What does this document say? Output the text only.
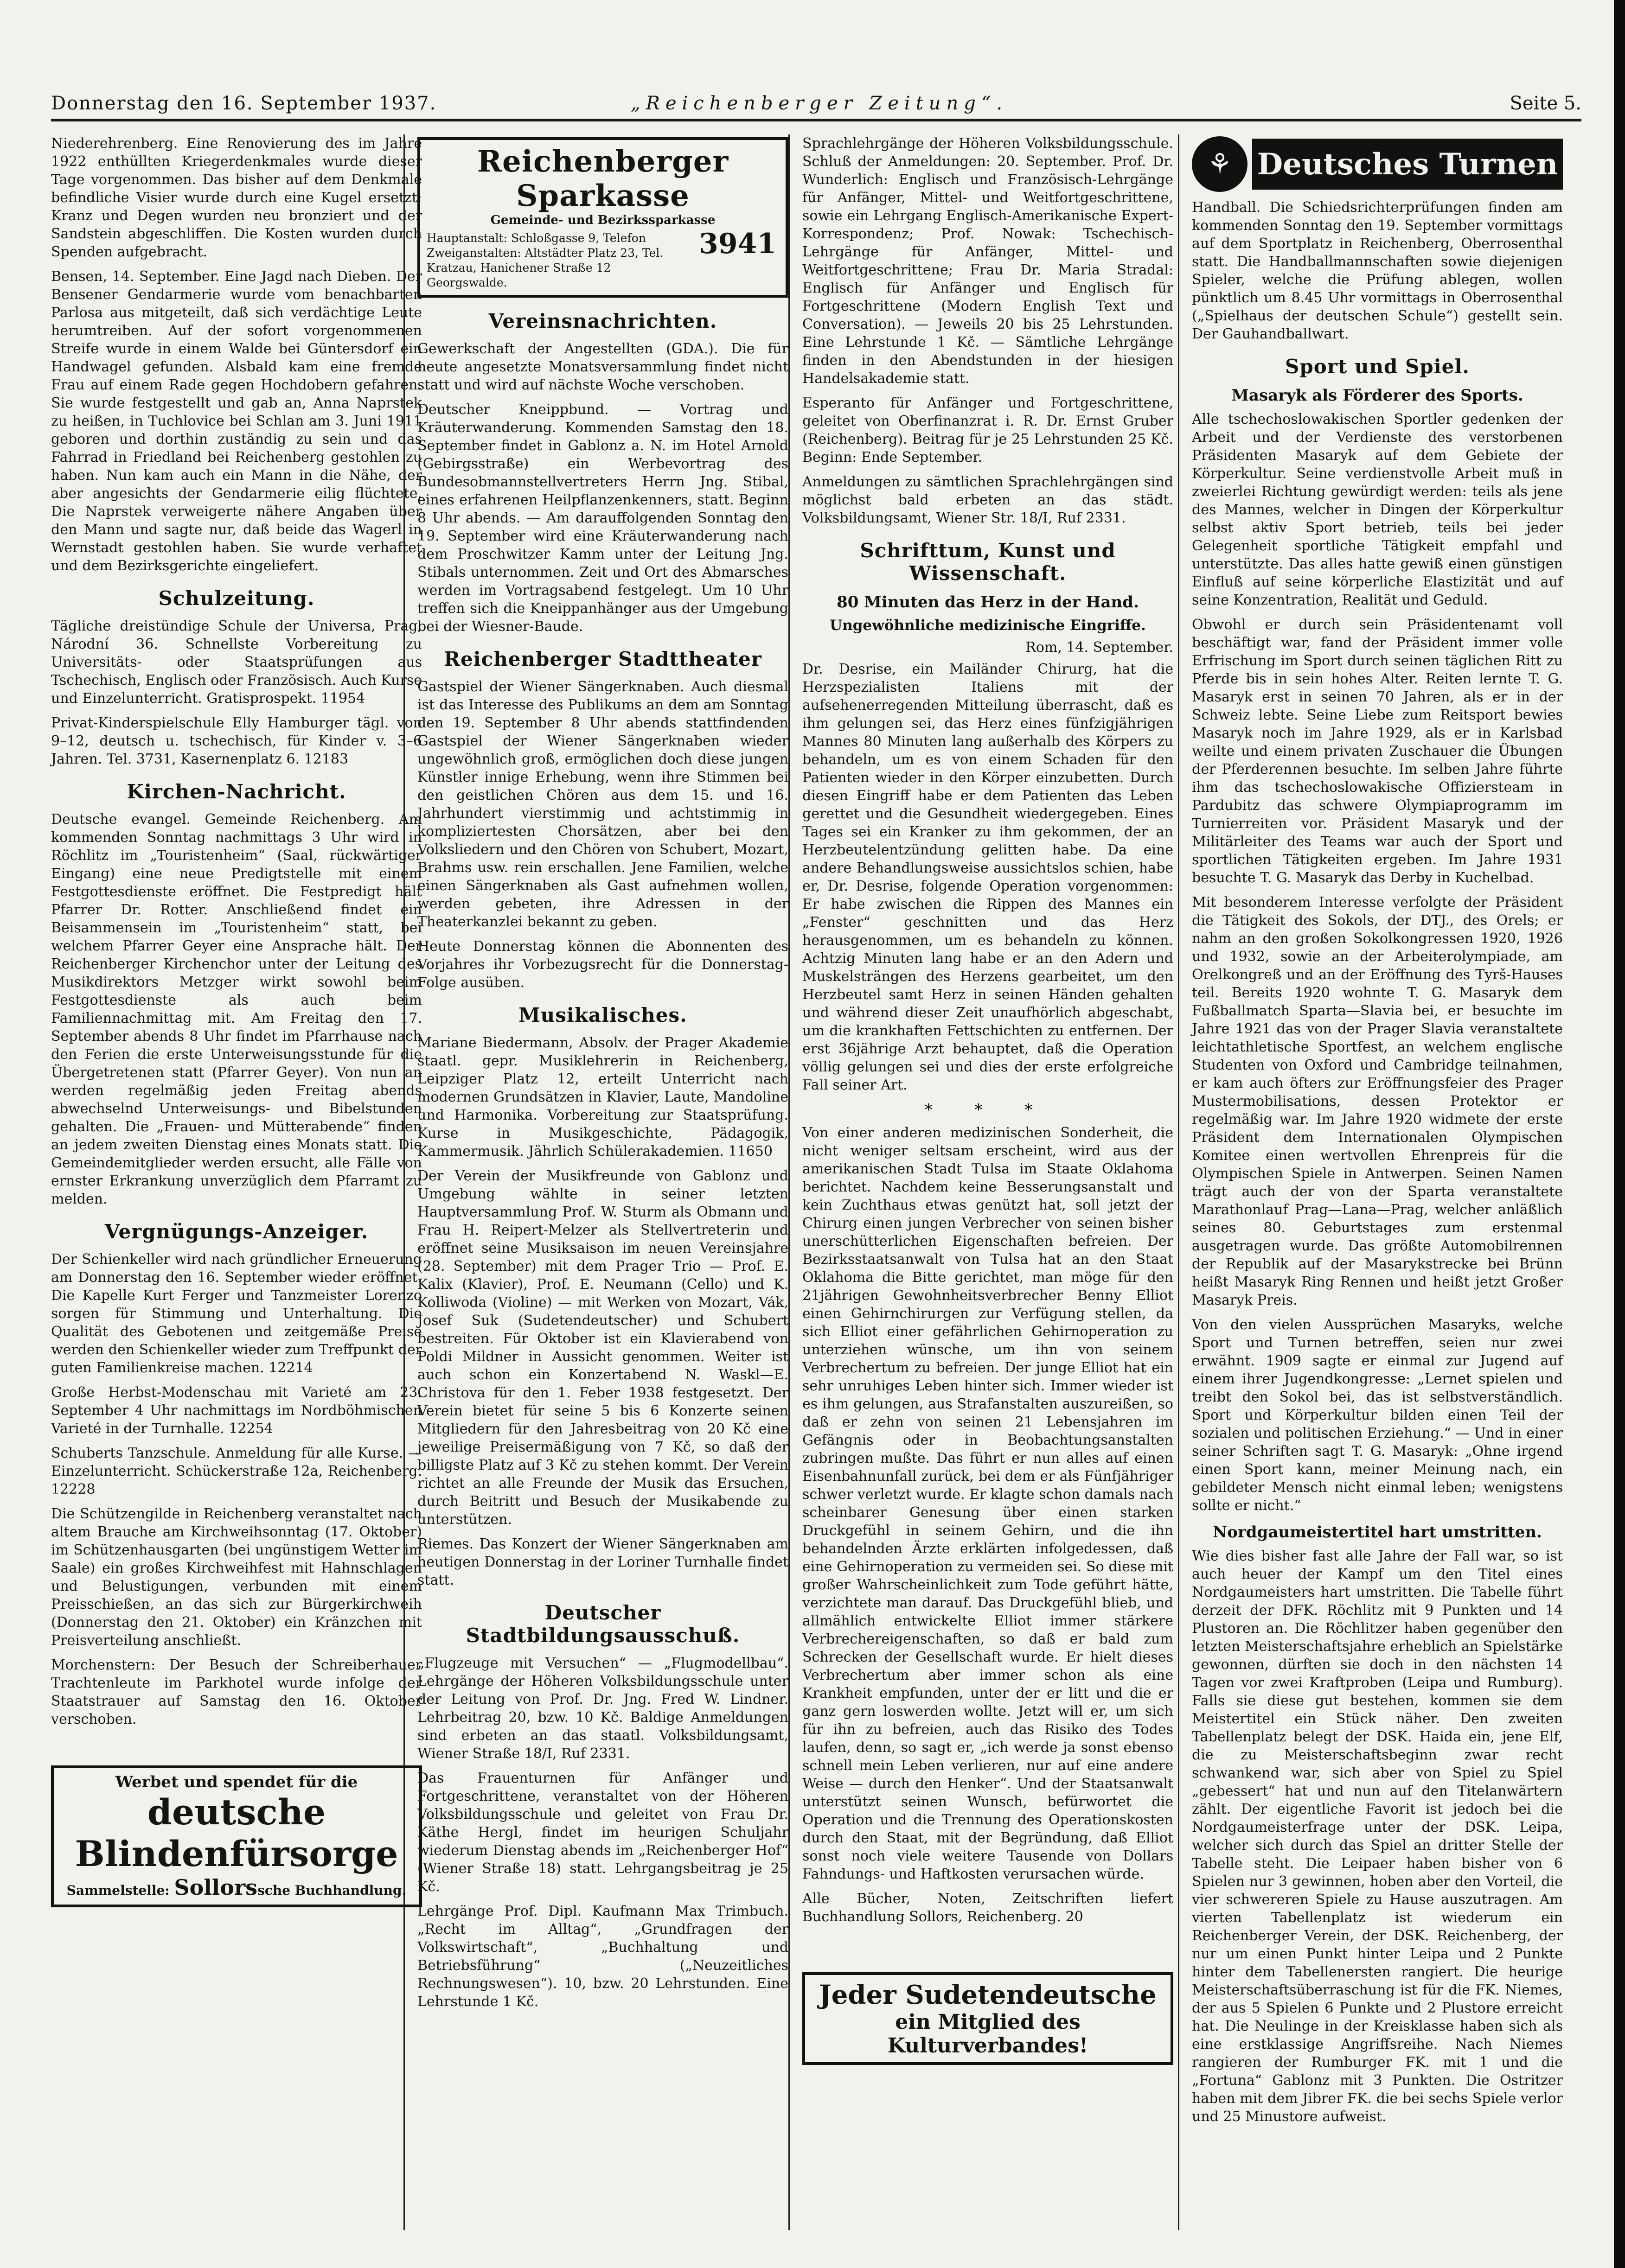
Donnerstag den 16. September 1937.	„Reichenberger Zeitung“.	Seite 5.

Niederehrenberg. Eine Renovierung des im Jahre 1922 enthüllten Kriegerdenkmales wurde dieser Tage vorgenommen. Das bisher auf dem Denkmale befindliche Visier wurde durch eine Kugel ersetzt; Kranz und Degen wurden neu bronziert und der Sandstein abgeschliffen. Die Kosten wurden durch Spenden aufgebracht.

Bensen, 14. September. Eine Jagd nach Dieben. Der Bensener Gendarmerie wurde vom benachbarten Parlosa aus mitgeteilt, daß sich verdächtige Leute herumtreiben. Auf der sofort vorgenommenen Streife wurde in einem Walde bei Güntersdorf ein Handwagel gefunden. Alsbald kam eine fremde Frau auf einem Rade gegen Hochdobern gefahren. Sie wurde festgestellt und gab an, Anna Naprstek zu heißen, in Tuchlovice bei Schlan am 3. Juni 1911 geboren und dorthin zuständig zu sein und das Fahrrad in Friedland bei Reichenberg gestohlen zu haben. Nun kam auch ein Mann in die Nähe, der aber angesichts der Gendarmerie eilig flüchtete. Die Naprstek verweigerte nähere Angaben über den Mann und sagte nur, daß beide das Wagerl in Wernstadt gestohlen haben. Sie wurde verhaftet und dem Bezirksgerichte eingeliefert.

Schulzeitung.

Tägliche dreistündige Schule der Universa, Prag, Národní 36. Schnellste Vorbereitung zu Universitäts- oder Staatsprüfungen aus Tschechisch, Englisch oder Französisch. Auch Kurse und Einzelunterricht. Gratisprospekt. 11954

Privat-Kinderspielschule Elly Hamburger tägl. von 9–12, deutsch u. tschechisch, für Kinder v. 3–6 Jahren. Tel. 3731, Kasernenplatz 6. 12183

Kirchen-Nachricht.

Deutsche evangel. Gemeinde Reichenberg. Am kommenden Sonntag nachmittags 3 Uhr wird in Röchlitz im „Touristenheim“ (Saal, rückwärtiger Eingang) eine neue Predigtstelle mit einem Festgottesdienste eröffnet. Die Festpredigt hält Pfarrer Dr. Rotter. Anschließend findet ein Beisammensein im „Touristenheim“ statt, bei welchem Pfarrer Geyer eine Ansprache hält. Der Reichenberger Kirchenchor unter der Leitung des Musikdirektors Metzger wirkt sowohl beim Festgottesdienste als auch beim Familiennachmittag mit. Am Freitag den 17. September abends 8 Uhr findet im Pfarrhause nach den Ferien die erste Unterweisungsstunde für die Übergetretenen statt (Pfarrer Geyer). Von nun an werden regelmäßig jeden Freitag abends abwechselnd Unterweisungs- und Bibelstunden gehalten. Die „Frauen- und Mütterabende“ finden an jedem zweiten Dienstag eines Monats statt. Die Gemeindemitglieder werden ersucht, alle Fälle von ernster Erkrankung unverzüglich dem Pfarramt zu melden.

Vergnügungs-Anzeiger.

Der Schienkeller wird nach gründlicher Erneuerung am Donnerstag den 16. September wieder eröffnet. Die Kapelle Kurt Ferger und Tanzmeister Lorenzo sorgen für Stimmung und Unterhaltung. Die Qualität des Gebotenen und zeitgemäße Preise werden den Schienkeller wieder zum Treffpunkt der guten Familienkreise machen. 12214

Große Herbst-Modenschau mit Varieté am 23. September 4 Uhr nachmittags im Nordböhmischen Varieté in der Turnhalle. 12254

Schuberts Tanzschule. Anmeldung für alle Kurse. — Einzelunterricht. Schückerstraße 12a, Reichenberg. 12228

Die Schützengilde in Reichenberg veranstaltet nach altem Brauche am Kirchweihsonntag (17. Oktober) im Schützenhausgarten (bei ungünstigem Wetter im Saale) ein großes Kirchweihfest mit Hahnschlagen und Belustigungen, verbunden mit einem Preisschießen, an das sich zur Bürgerkirchweih (Donnerstag den 21. Oktober) ein Kränzchen mit Preisverteilung anschließt.

Morchenstern: Der Besuch der Schreiberhauer Trachtenleute im Parkhotel wurde infolge der Staatstrauer auf Samstag den 16. Oktober verschoben.

Werbet und spendet für die
deutsche Blindenfürsorge
Sammelstelle: Sollorssche Buchhandlung.
Reichenberger Sparkasse
Gemeinde- und Bezirkssparkasse
Hauptanstalt: Schloßgasse 9, Telefon
Zweiganstalten: Altstädter Platz 23, Tel.
Kratzau, Hanichener Straße 12
Georgswalde.
3941
Vereinsnachrichten.

Gewerkschaft der Angestellten (GDA.). Die für heute angesetzte Monatsversammlung findet nicht statt und wird auf nächste Woche verschoben.

Deutscher Kneippbund. — Vortrag und Kräuterwanderung. Kommenden Samstag den 18. September findet in Gablonz a. N. im Hotel Arnold (Gebirgsstraße) ein Werbevortrag des Bundesobmannstellvertreters Herrn Jng. Stibal, eines erfahrenen Heilpflanzenkenners, statt. Beginn 8 Uhr abends. — Am darauffolgenden Sonntag den 19. September wird eine Kräuterwanderung nach dem Proschwitzer Kamm unter der Leitung Jng. Stibals unternommen. Zeit und Ort des Abmarsches werden im Vortragsabend festgelegt. Um 10 Uhr treffen sich die Kneippanhänger aus der Umgebung bei der Wiesner-Baude.

Reichenberger Stadttheater

Gastspiel der Wiener Sängerknaben. Auch diesmal ist das Interesse des Publikums an dem am Sonntag den 19. September 8 Uhr abends stattfindenden Gastspiel der Wiener Sängerknaben wieder ungewöhnlich groß, ermöglichen doch diese jungen Künstler innige Erhebung, wenn ihre Stimmen bei den geistlichen Chören aus dem 15. und 16. Jahrhundert vierstimmig und achtstimmig in kompliziertesten Chorsätzen, aber bei den Volksliedern und den Chören von Schubert, Mozart, Brahms usw. rein erschallen. Jene Familien, welche einen Sängerknaben als Gast aufnehmen wollen, werden gebeten, ihre Adressen in der Theaterkanzlei bekannt zu geben.

Heute Donnerstag können die Abonnenten des Vorjahres ihr Vorbezugsrecht für die Donnerstag-Folge ausüben.

Musikalisches.

Mariane Biedermann, Absolv. der Prager Akademie staatl. gepr. Musiklehrerin in Reichenberg, Leipziger Platz 12, erteilt Unterricht nach modernen Grundsätzen in Klavier, Laute, Mandoline und Harmonika. Vorbereitung zur Staatsprüfung. Kurse in Musikgeschichte, Pädagogik, Kammermusik. Jährlich Schülerakademien. 11650

Der Verein der Musikfreunde von Gablonz und Umgebung wählte in seiner letzten Hauptversammlung Prof. W. Sturm als Obmann und Frau H. Reipert-Melzer als Stellvertreterin und eröffnet seine Musiksaison im neuen Vereinsjahre (28. September) mit dem Prager Trio — Prof. E. Kalix (Klavier), Prof. E. Neumann (Cello) und K. Kolliwoda (Violine) — mit Werken von Mozart, Vák, Josef Suk (Sudetendeutscher) und Schubert bestreiten. Für Oktober ist ein Klavierabend von Poldi Mildner in Aussicht genommen. Weiter ist auch schon ein Konzertabend N. Waskl—E. Christova für den 1. Feber 1938 festgesetzt. Der Verein bietet für seine 5 bis 6 Konzerte seinen Mitgliedern für den Jahresbeitrag von 20 Kč eine jeweilige Preisermäßigung von 7 Kč, so daß der billigste Platz auf 3 Kč zu stehen kommt. Der Verein richtet an alle Freunde der Musik das Ersuchen, durch Beitritt und Besuch der Musikabende zu unterstützen.

Riemes. Das Konzert der Wiener Sängerknaben am heutigen Donnerstag in der Loriner Turnhalle findet statt.

Deutscher Stadtbildungsausschuß.

„Flugzeuge mit Versuchen“ — „Flugmodellbau“. Lehrgänge der Höheren Volksbildungsschule unter der Leitung von Prof. Dr. Jng. Fred W. Lindner. Lehrbeitrag 20, bzw. 10 Kč. Baldige Anmeldungen sind erbeten an das staatl. Volksbildungsamt, Wiener Straße 18/I, Ruf 2331.

Das Frauenturnen für Anfänger und Fortgeschrittene, veranstaltet von der Höheren Volksbildungsschule und geleitet von Frau Dr. Käthe Hergl, findet im heurigen Schuljahr wiederum Dienstag abends im „Reichenberger Hof“ (Wiener Straße 18) statt. Lehrgangsbeitrag je 25 Kč.

Lehrgänge Prof. Dipl. Kaufmann Max Trimbuch. „Recht im Alltag“, „Grundfragen der Volkswirtschaft“, „Buchhaltung und Betriebsführung“ („Neuzeitliches Rechnungswesen“). 10, bzw. 20 Lehrstunden. Eine Lehrstunde 1 Kč.

Sprachlehrgänge der Höheren Volksbildungsschule. Schluß der Anmeldungen: 20. September. Prof. Dr. Wunderlich: Englisch und Französisch-Lehrgänge für Anfänger, Mittel- und Weitfortgeschrittene, sowie ein Lehrgang Englisch-Amerikanische Expert-Korrespondenz; Prof. Nowak: Tschechisch-Lehrgänge für Anfänger, Mittel- und Weitfortgeschrittene; Frau Dr. Maria Stradal: Englisch für Anfänger und Englisch für Fortgeschrittene (Modern English Text und Conversation). — Jeweils 20 bis 25 Lehrstunden. Eine Lehrstunde 1 Kč. — Sämtliche Lehrgänge finden in den Abendstunden in der hiesigen Handelsakademie statt.

Esperanto für Anfänger und Fortgeschrittene, geleitet von Oberfinanzrat i. R. Dr. Ernst Gruber (Reichenberg). Beitrag für je 25 Lehrstunden 25 Kč. Beginn: Ende September.

Anmeldungen zu sämtlichen Sprachlehrgängen sind möglichst bald erbeten an das städt. Volksbildungsamt, Wiener Str. 18/I, Ruf 2331.

Schrifttum, Kunst und Wissenschaft.
80 Minuten das Herz in der Hand.
Ungewöhnliche medizinische Eingriffe.
Rom, 14. September.

Dr. Desrise, ein Mailänder Chirurg, hat die Herzspezialisten Italiens mit der aufsehenerregenden Mitteilung überrascht, daß es ihm gelungen sei, das Herz eines fünfzigjährigen Mannes 80 Minuten lang außerhalb des Körpers zu behandeln, um es von einem Schaden für den Patienten wieder in den Körper einzubetten. Durch diesen Eingriff habe er dem Patienten das Leben gerettet und die Gesundheit wiedergegeben. Eines Tages sei ein Kranker zu ihm gekommen, der an Herzbeutelentzündung gelitten habe. Da eine andere Behandlungsweise aussichtslos schien, habe er, Dr. Desrise, folgende Operation vorgenommen: Er habe zwischen die Rippen des Mannes ein „Fenster“ geschnitten und das Herz herausgenommen, um es behandeln zu können. Achtzig Minuten lang habe er an den Adern und Muskelsträngen des Herzens gearbeitet, um den Herzbeutel samt Herz in seinen Händen gehalten und während dieser Zeit unaufhörlich abgeschabt, um die krankhaften Fettschichten zu entfernen. Der erst 36jährige Arzt behauptet, daß die Operation völlig gelungen sei und dies der erste erfolgreiche Fall seiner Art.

* * *

Von einer anderen medizinischen Sonderheit, die nicht weniger seltsam erscheint, wird aus der amerikanischen Stadt Tulsa im Staate Oklahoma berichtet. Nachdem keine Besserungsanstalt und kein Zuchthaus etwas genützt hat, soll jetzt der Chirurg einen jungen Verbrecher von seinen bisher unerschütterlichen Eigenschaften befreien. Der Bezirksstaatsanwalt von Tulsa hat an den Staat Oklahoma die Bitte gerichtet, man möge für den 21jährigen Gewohnheitsverbrecher Benny Elliot einen Gehirnchirurgen zur Verfügung stellen, da sich Elliot einer gefährlichen Gehirnoperation zu unterziehen wünsche, um ihn von seinem Verbrechertum zu befreien. Der junge Elliot hat ein sehr unruhiges Leben hinter sich. Immer wieder ist es ihm gelungen, aus Strafanstalten auszureißen, so daß er zehn von seinen 21 Lebensjahren im Gefängnis oder in Beobachtungsanstalten zubringen mußte. Das führt er nun alles auf einen Eisenbahnunfall zurück, bei dem er als Fünfjähriger schwer verletzt wurde. Er klagte schon damals nach scheinbarer Genesung über einen starken Druckgefühl in seinem Gehirn, und die ihn behandelnden Ärzte erklärten infolgedessen, daß eine Gehirnoperation zu vermeiden sei. So diese mit großer Wahrscheinlichkeit zum Tode geführt hätte, verzichtete man darauf. Das Druckgefühl blieb, und allmählich entwickelte Elliot immer stärkere Verbrechereigenschaften, so daß er bald zum Schrecken der Gesellschaft wurde. Er hielt dieses Verbrechertum aber immer schon als eine Krankheit empfunden, unter der er litt und die er ganz gern loswerden wollte. Jetzt will er, um sich für ihn zu befreien, auch das Risiko des Todes laufen, denn, so sagt er, „ich werde ja sonst ebenso schnell mein Leben verlieren, nur auf eine andere Weise — durch den Henker“. Und der Staatsanwalt unterstützt seinen Wunsch, befürwortet die Operation und die Trennung des Operationskosten durch den Staat, mit der Begründung, daß Elliot sonst noch viele weitere Tausende von Dollars Fahndungs- und Haftkosten verursachen würde.

Alle Bücher, Noten, Zeitschriften liefert Buchhandlung Sollors, Reichenberg. 20

Jeder Sudetendeutsche
ein Mitglied des Kulturverbandes!
⚘ Deutsches Turnen

Handball. Die Schiedsrichterprüfungen finden am kommenden Sonntag den 19. September vormittags auf dem Sportplatz in Reichenberg, Oberrosenthal statt. Die Handballmannschaften sowie diejenigen Spieler, welche die Prüfung ablegen, wollen pünktlich um 8.45 Uhr vormittags in Oberrosenthal („Spielhaus der deutschen Schule“) gestellt sein. Der Gauhandballwart.

Sport und Spiel.
Masaryk als Förderer des Sports.

Alle tschechoslowakischen Sportler gedenken der Arbeit und der Verdienste des verstorbenen Präsidenten Masaryk auf dem Gebiete der Körperkultur. Seine verdienstvolle Arbeit muß in zweierlei Richtung gewürdigt werden: teils als jene des Mannes, welcher in Dingen der Körperkultur selbst aktiv Sport betrieb, teils bei jeder Gelegenheit sportliche Tätigkeit empfahl und unterstützte. Das alles hatte gewiß einen günstigen Einfluß auf seine körperliche Elastizität und auf seine Konzentration, Realität und Geduld.

Obwohl er durch sein Präsidentenamt voll beschäftigt war, fand der Präsident immer volle Erfrischung im Sport durch seinen täglichen Ritt zu Pferde bis in sein hohes Alter. Reiten lernte T. G. Masaryk erst in seinen 70 Jahren, als er in der Schweiz lebte. Seine Liebe zum Reitsport bewies Masaryk noch im Jahre 1929, als er in Karlsbad weilte und einem privaten Zuschauer die Übungen der Pferderennen besuchte. Im selben Jahre führte ihm das tschechoslowakische Offiziersteam in Pardubitz das schwere Olympiaprogramm im Turnierreiten vor. Präsident Masaryk und der Militärleiter des Teams war auch der Sport und sportlichen Tätigkeiten ergeben. Im Jahre 1931 besuchte T. G. Masaryk das Derby in Kuchelbad.

Mit besonderem Interesse verfolgte der Präsident die Tätigkeit des Sokols, der DTJ., des Orels; er nahm an den großen Sokolkongressen 1920, 1926 und 1932, sowie an der Arbeiterolympiade, am Orelkongreß und an der Eröffnung des Tyrš-Hauses teil. Bereits 1920 wohnte T. G. Masaryk dem Fußballmatch Sparta—Slavia bei, er besuchte im Jahre 1921 das von der Prager Slavia veranstaltete leichtathletische Sportfest, an welchem englische Studenten von Oxford und Cambridge teilnahmen, er kam auch öfters zur Eröffnungsfeier des Prager Mustermobilisations, dessen Protektor er regelmäßig war. Im Jahre 1920 widmete der erste Präsident dem Internationalen Olympischen Komitee einen wertvollen Ehrenpreis für die Olympischen Spiele in Antwerpen. Seinen Namen trägt auch der von der Sparta veranstaltete Marathonlauf Prag—Lana—Prag, welcher anläßlich seines 80. Geburtstages zum erstenmal ausgetragen wurde. Das größte Automobilrennen der Republik auf der Masarykstrecke bei Brünn heißt Masaryk Ring Rennen und heißt jetzt Großer Masaryk Preis.

Von den vielen Aussprüchen Masaryks, welche Sport und Turnen betreffen, seien nur zwei erwähnt. 1909 sagte er einmal zur Jugend auf einem ihrer Jugendkongresse: „Lernet spielen und treibt den Sokol bei, das ist selbstverständlich. Sport und Körperkultur bilden einen Teil der sozialen und politischen Erziehung.“ — Und in einer seiner Schriften sagt T. G. Masaryk: „Ohne irgend einen Sport kann, meiner Meinung nach, ein gebildeter Mensch nicht einmal leben; wenigstens sollte er nicht.“

Nordgaumeistertitel hart umstritten.

Wie dies bisher fast alle Jahre der Fall war, so ist auch heuer der Kampf um den Titel eines Nordgaumeisters hart umstritten. Die Tabelle führt derzeit der DFK. Röchlitz mit 9 Punkten und 14 Plustoren an. Die Röchlitzer haben gegenüber den letzten Meisterschaftsjahre erheblich an Spielstärke gewonnen, dürften sie doch in den nächsten 14 Tagen vor zwei Kraftproben (Leipa und Rumburg). Falls sie diese gut bestehen, kommen sie dem Meistertitel ein Stück näher. Den zweiten Tabellenplatz belegt der DSK. Haida ein, jene Elf, die zu Meisterschaftsbeginn zwar recht schwankend war, sich aber von Spiel zu Spiel „gebessert“ hat und nun auf den Titelanwärtern zählt. Der eigentliche Favorit ist jedoch bei die Nordgaumeisterfrage unter der DSK. Leipa, welcher sich durch das Spiel an dritter Stelle der Tabelle steht. Die Leipaer haben bisher von 6 Spielen nur 3 gewinnen, hoben aber den Vorteil, die vier schwereren Spiele zu Hause auszutragen. Am vierten Tabellenplatz ist wiederum ein Reichenberger Verein, der DSK. Reichenberg, der nur um einen Punkt hinter Leipa und 2 Punkte hinter dem Tabellenersten rangiert. Die heurige Meisterschaftsüberraschung ist für die FK. Niemes, der aus 5 Spielen 6 Punkte und 2 Plustore erreicht hat. Die Neulinge in der Kreisklasse haben sich als eine erstklassige Angriffsreihe. Nach Niemes rangieren der Rumburger FK. mit 1 und die „Fortuna“ Gablonz mit 3 Punkten. Die Ostritzer haben mit dem Jibrer FK. die bei sechs Spiele verlor und 25 Minustore aufweist.
